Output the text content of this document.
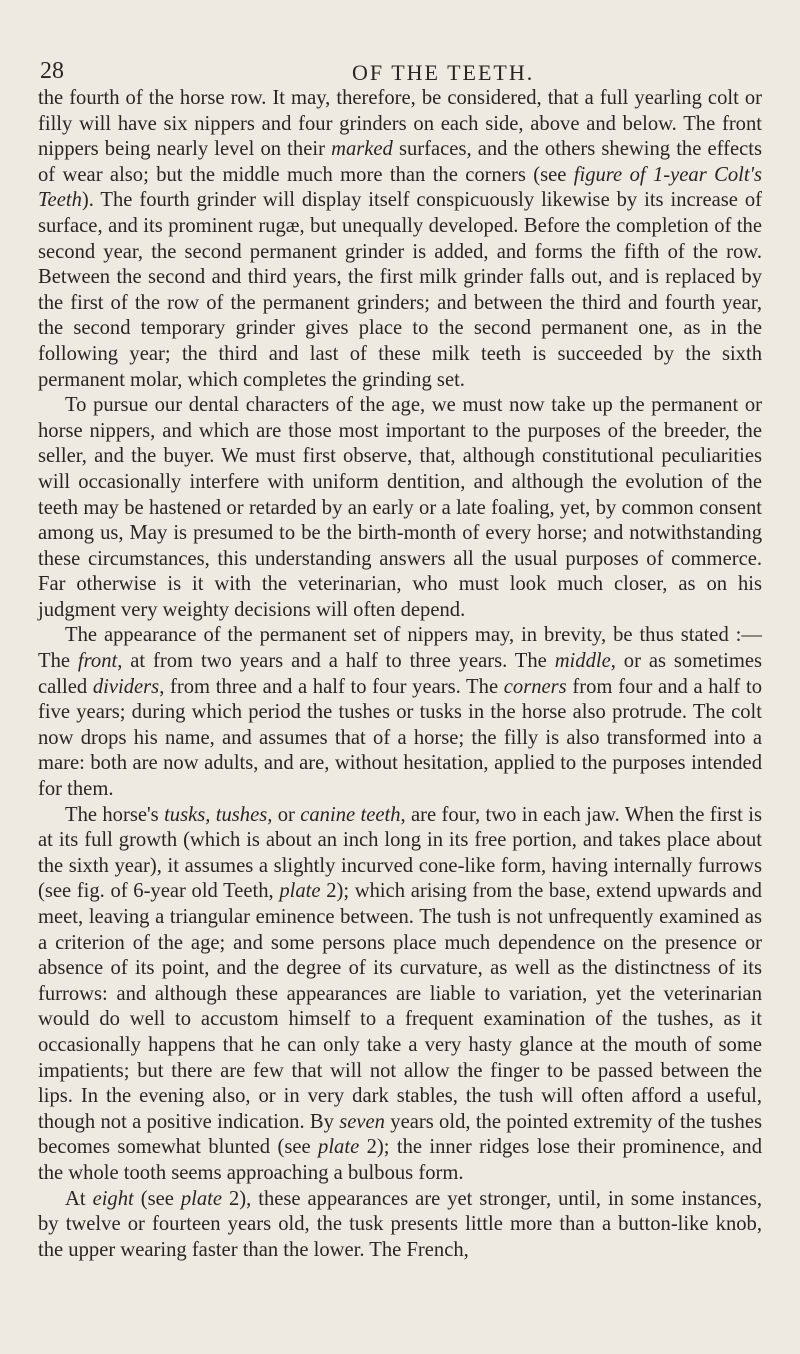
28	OF THE TEETH.

the fourth of the horse row. It may, therefore, be considered, that a full yearling colt or filly will have six nippers and four grinders on each side, above and below. The front nippers being nearly level on their marked surfaces, and the others shewing the effects of wear also; but the middle much more than the corners (see figure of 1-year Colt's Teeth). The fourth grinder will display itself conspicuously likewise by its increase of surface, and its prominent rugæ, but unequally developed. Before the completion of the second year, the second permanent grinder is added, and forms the fifth of the row. Between the second and third years, the first milk grinder falls out, and is replaced by the first of the row of the permanent grinders; and between the third and fourth year, the second temporary grinder gives place to the second permanent one, as in the following year; the third and last of these milk teeth is succeeded by the sixth permanent molar, which completes the grinding set.

To pursue our dental characters of the age, we must now take up the permanent or horse nippers, and which are those most important to the purposes of the breeder, the seller, and the buyer. We must first observe, that, although constitutional peculiarities will occasionally interfere with uniform dentition, and although the evolution of the teeth may be hastened or retarded by an early or a late foaling, yet, by common consent among us, May is presumed to be the birth-month of every horse; and notwithstanding these circumstances, this understanding answers all the usual purposes of commerce. Far otherwise is it with the veterinarian, who must look much closer, as on his judgment very weighty decisions will often depend.

The appearance of the permanent set of nippers may, in brevity, be thus stated :—The front, at from two years and a half to three years. The middle, or as sometimes called dividers, from three and a half to four years. The corners from four and a half to five years; during which period the tushes or tusks in the horse also protrude. The colt now drops his name, and assumes that of a horse; the filly is also transformed into a mare: both are now adults, and are, without hesitation, applied to the purposes intended for them.

The horse's tusks, tushes, or canine teeth, are four, two in each jaw. When the first is at its full growth (which is about an inch long in its free portion, and takes place about the sixth year), it assumes a slightly incurved cone-like form, having internally furrows (see fig. of 6-year old Teeth, plate 2); which arising from the base, extend upwards and meet, leaving a triangular eminence between. The tush is not unfrequently examined as a criterion of the age; and some persons place much dependence on the presence or absence of its point, and the degree of its curvature, as well as the distinctness of its furrows: and although these appearances are liable to variation, yet the veterinarian would do well to accustom himself to a frequent examination of the tushes, as it occasionally happens that he can only take a very hasty glance at the mouth of some impatients; but there are few that will not allow the finger to be passed between the lips. In the evening also, or in very dark stables, the tush will often afford a useful, though not a positive indication. By seven years old, the pointed extremity of the tushes becomes somewhat blunted (see plate 2); the inner ridges lose their prominence, and the whole tooth seems approaching a bulbous form.

At eight (see plate 2), these appearances are yet stronger, until, in some instances, by twelve or fourteen years old, the tusk presents little more than a button-like knob, the upper wearing faster than the lower. The French,
